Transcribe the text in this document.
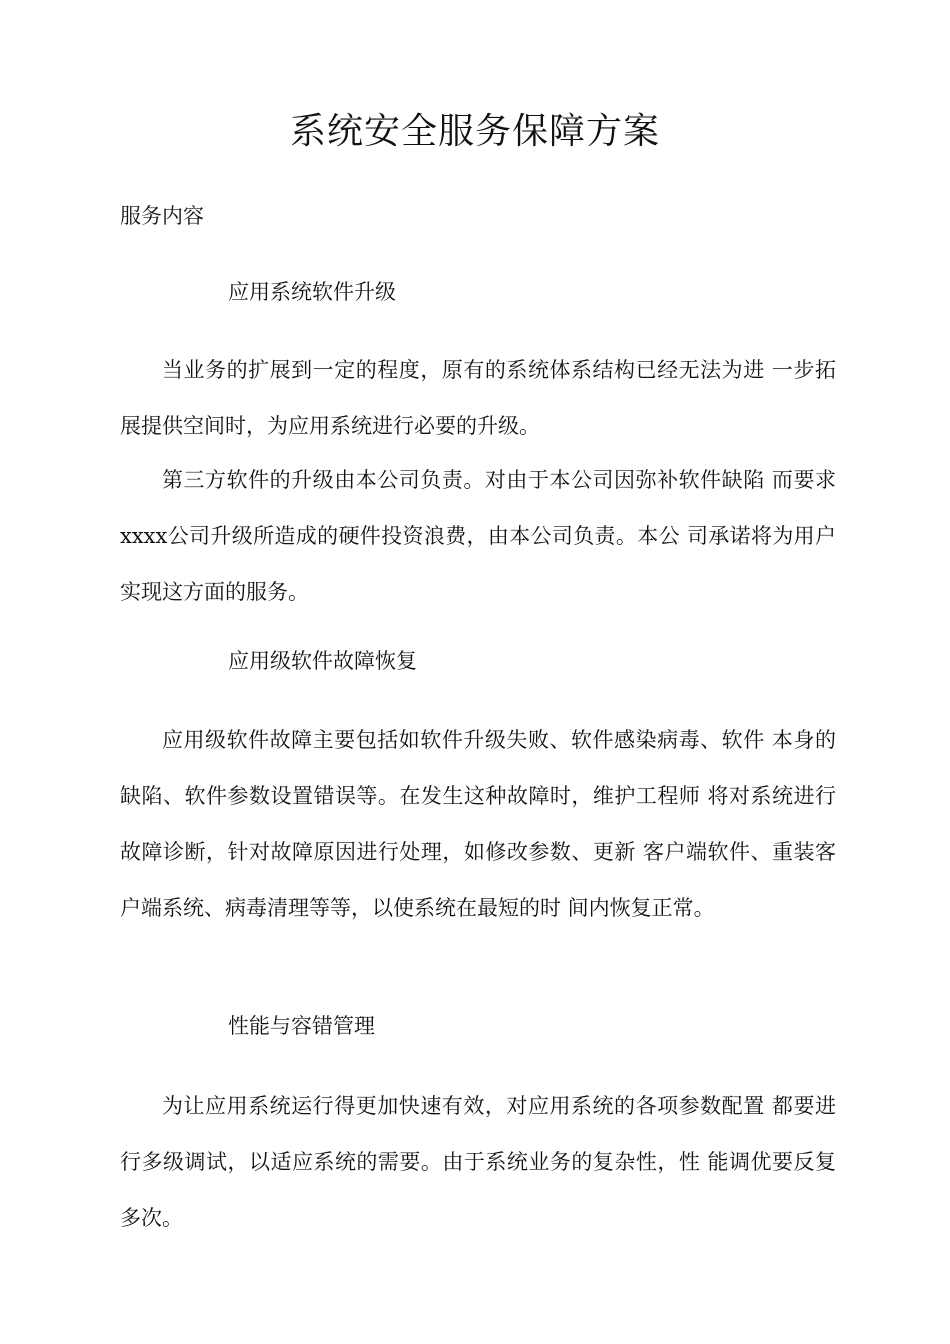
系统安全服务保障方案
服务内容
应用系统软件升级
当业务的扩展到一定的程度，原有的系统体系结构已经无法为进 一步拓展提供空间时，为应用系统进行必要的升级。
第三方软件的升级由本公司负责。对由于本公司因弥补软件缺陷 而要求xxxx公司升级所造成的硬件投资浪费，由本公司负责。本公 司承诺将为用户实现这方面的服务。
应用级软件故障恢复
应用级软件故障主要包括如软件升级失败、软件感染病毒、软件 本身的缺陷、软件参数设置错误等。在发生这种故障时，维护工程师 将对系统进行故障诊断，针对故障原因进行处理，如修改参数、更新 客户端软件、重装客户端系统、病毒清理等等，以使系统在最短的时 间内恢复正常。
性能与容错管理
为让应用系统运行得更加快速有效，对应用系统的各项参数配置 都要进行多级调试，以适应系统的需要。由于系统业务的复杂性，性 能调优要反复多次。
